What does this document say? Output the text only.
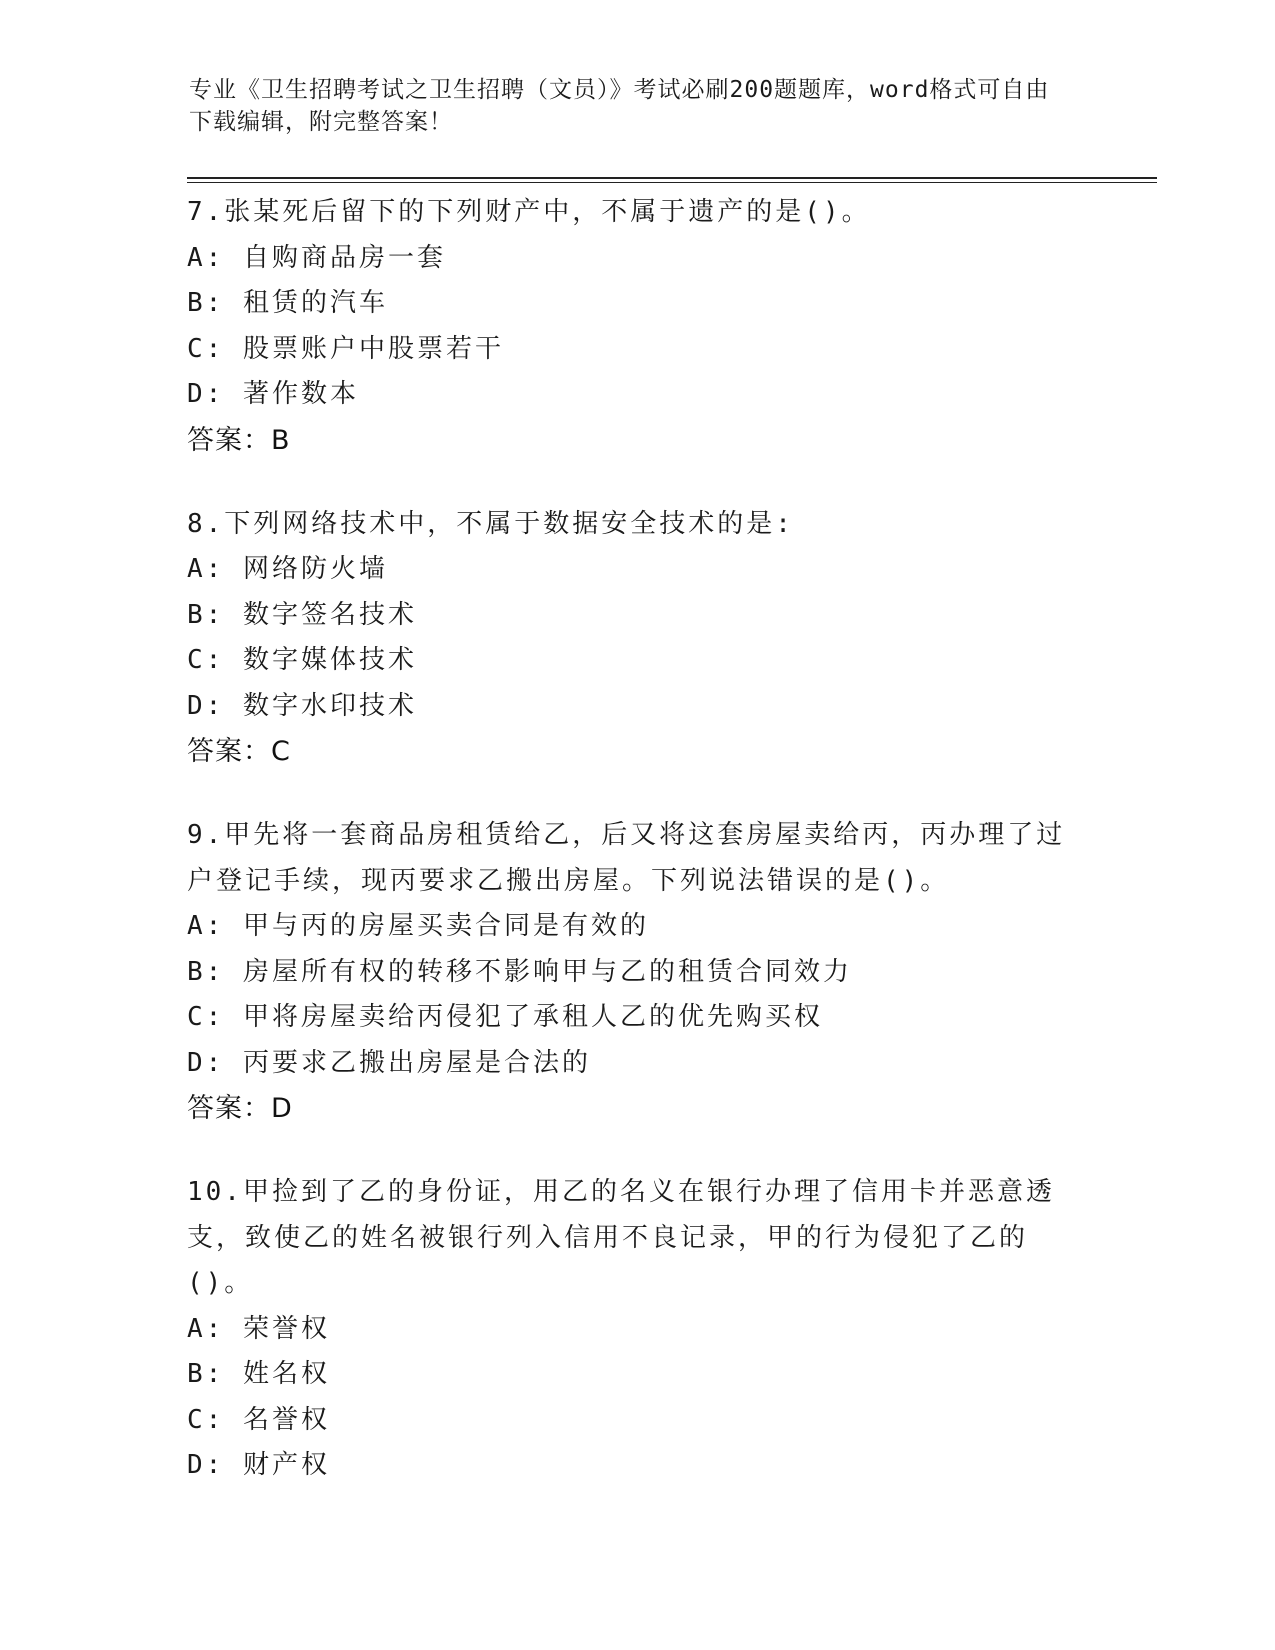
专业《卫生招聘考试之卫生招聘（文员）》考试必刷200题题库，word格式可自由下载编辑，附完整答案！
7.张某死后留下的下列财产中，不属于遗产的是()。
A: 自购商品房一套
B: 租赁的汽车
C: 股票账户中股票若干
D: 著作数本
答案：B
8.下列网络技术中，不属于数据安全技术的是:
A: 网络防火墙
B: 数字签名技术
C: 数字媒体技术
D: 数字水印技术
答案：C
9.甲先将一套商品房租赁给乙，后又将这套房屋卖给丙，丙办理了过户登记手续，现丙要求乙搬出房屋。下列说法错误的是()。
A: 甲与丙的房屋买卖合同是有效的
B: 房屋所有权的转移不影响甲与乙的租赁合同效力
C: 甲将房屋卖给丙侵犯了承租人乙的优先购买权
D: 丙要求乙搬出房屋是合法的
答案：D
10.甲捡到了乙的身份证，用乙的名义在银行办理了信用卡并恶意透支，致使乙的姓名被银行列入信用不良记录，甲的行为侵犯了乙的()。
A: 荣誉权
B: 姓名权
C: 名誉权
D: 财产权
